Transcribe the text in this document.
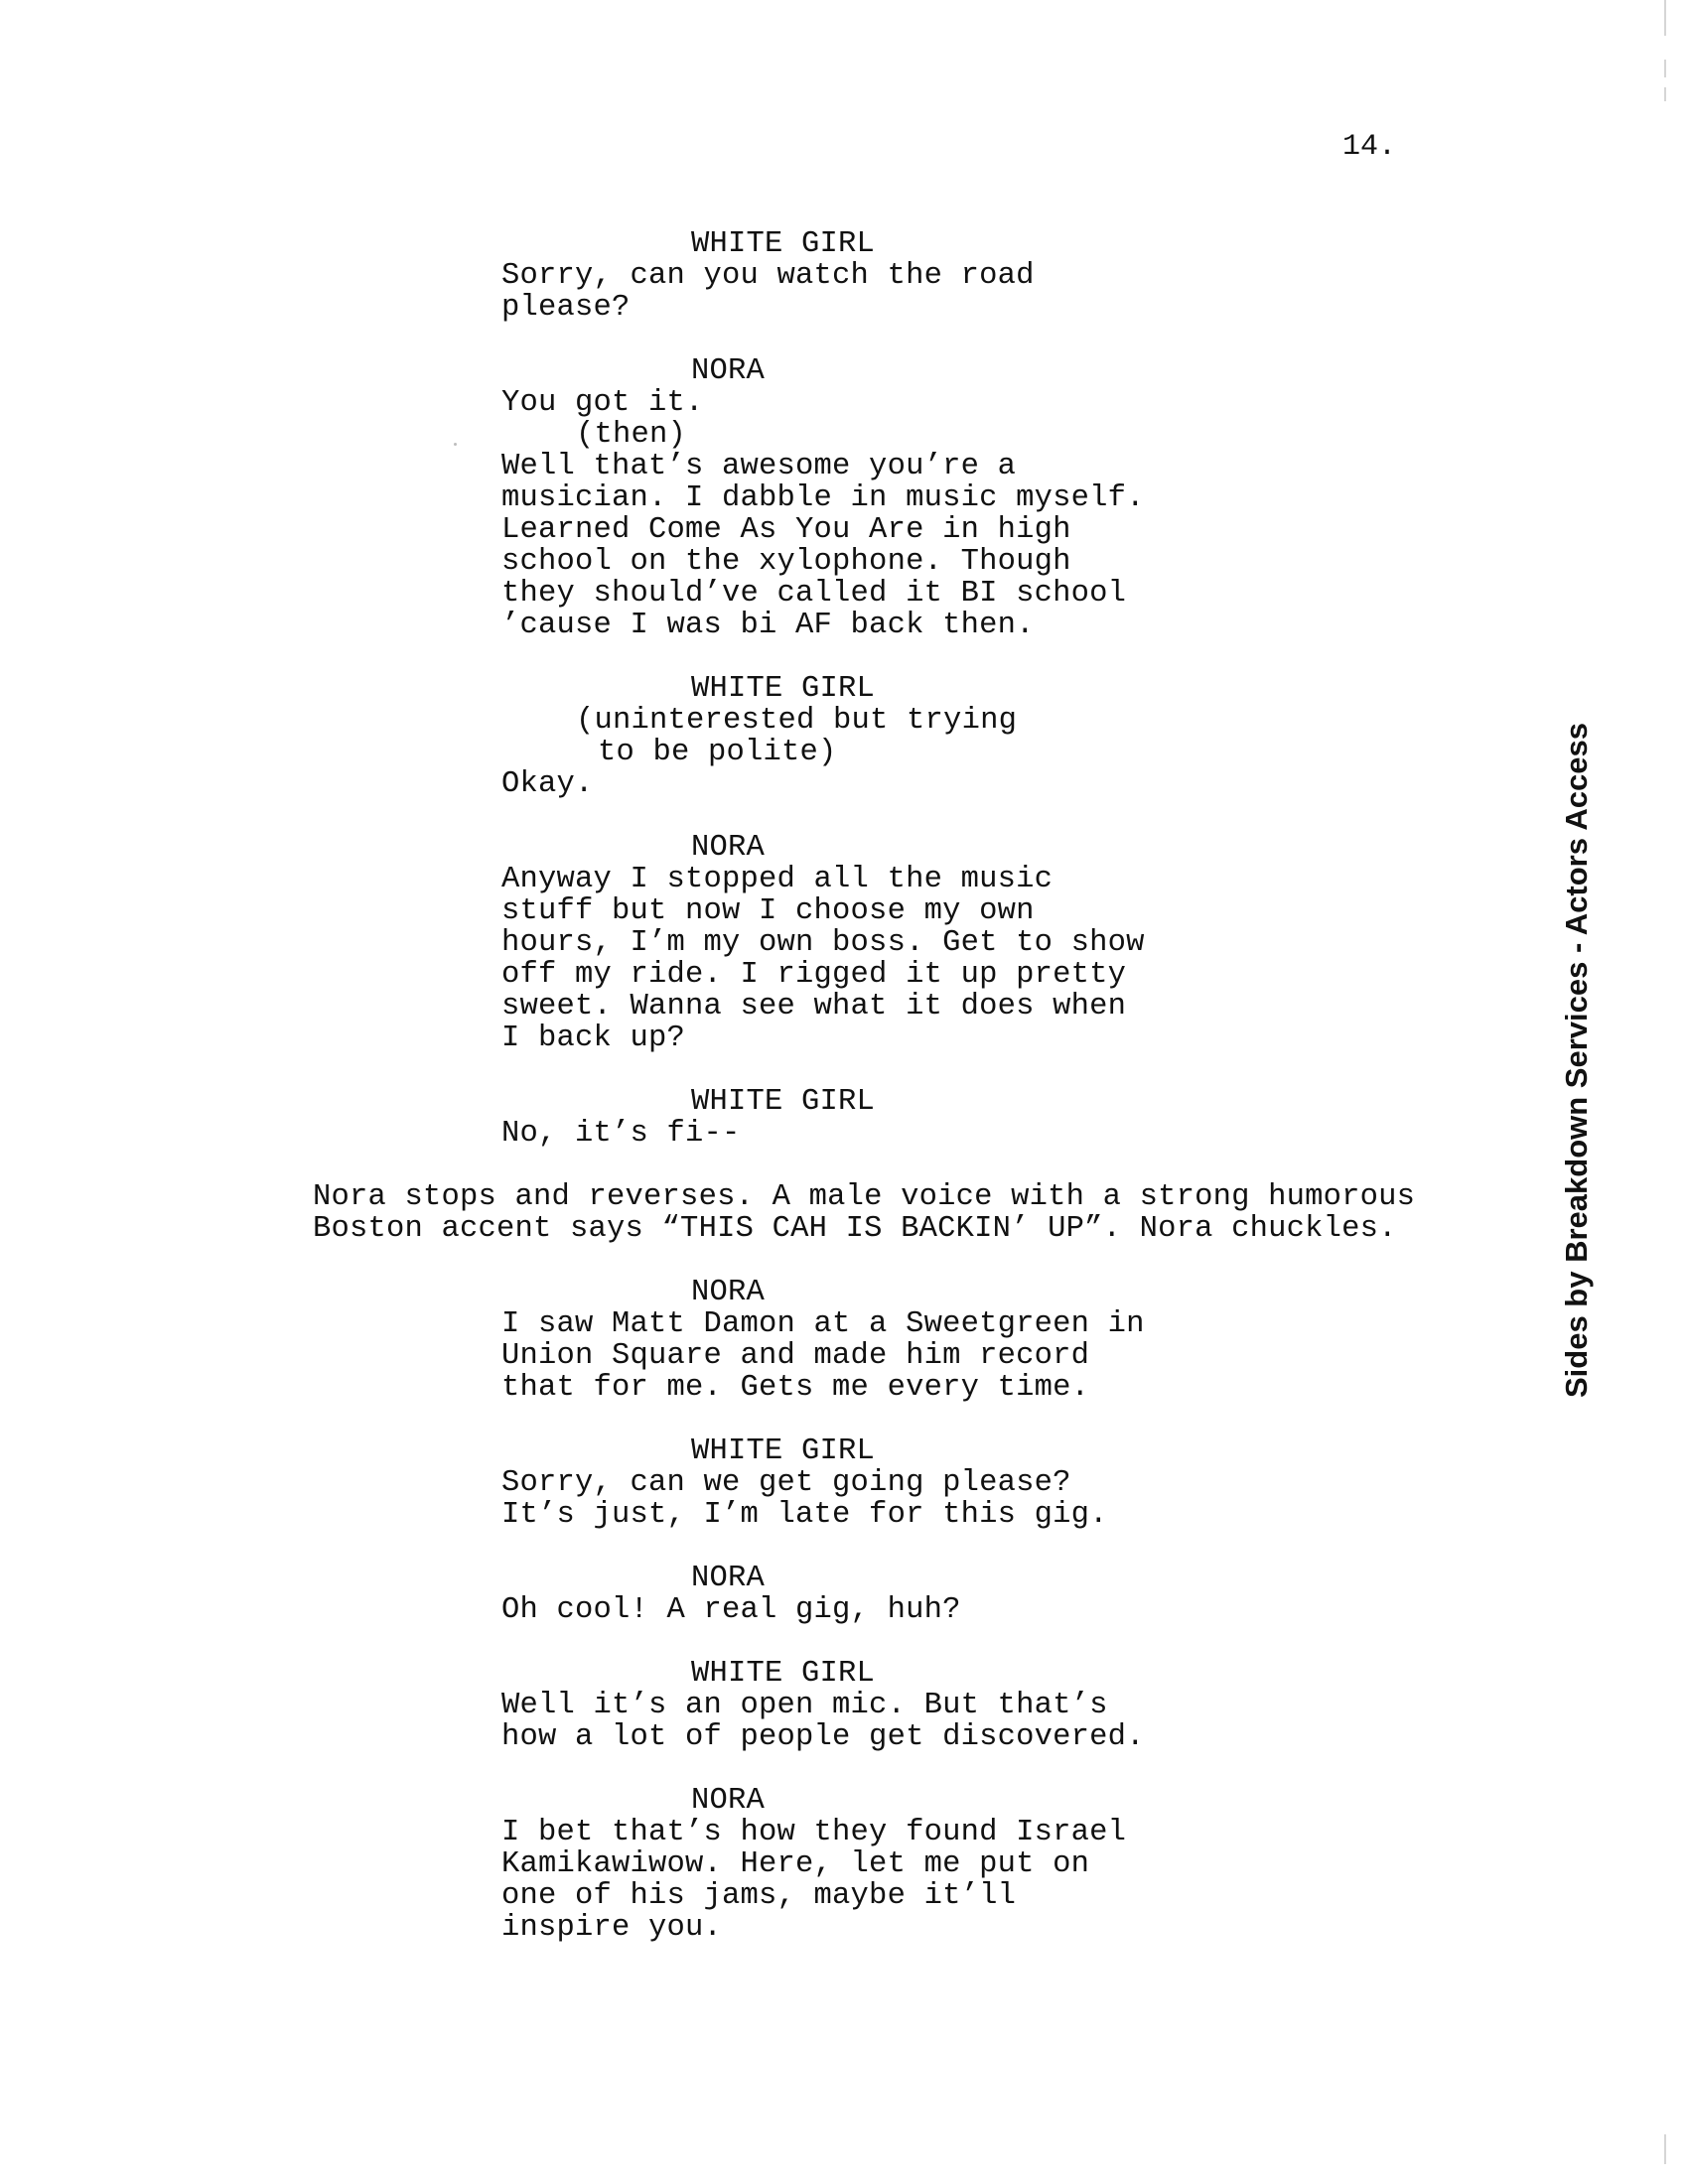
14.
WHITE GIRL
Sorry, can you watch the road
please?
NORA
You got it.
(then)
Well that’s awesome you’re a
musician. I dabble in music myself.
Learned Come As You Are in high
school on the xylophone. Though
they should’ve called it BI school
’cause I was bi AF back then.
WHITE GIRL
(uninterested but trying
to be polite)
Okay.
NORA
Anyway I stopped all the music
stuff but now I choose my own
hours, I’m my own boss. Get to show
off my ride. I rigged it up pretty
sweet. Wanna see what it does when
I back up?
WHITE GIRL
No, it’s fi--
Nora stops and reverses. A male voice with a strong humorous
Boston accent says “THIS CAH IS BACKIN’ UP”. Nora chuckles.
NORA
I saw Matt Damon at a Sweetgreen in
Union Square and made him record
that for me. Gets me every time.
WHITE GIRL
Sorry, can we get going please?
It’s just, I’m late for this gig.
NORA
Oh cool! A real gig, huh?
WHITE GIRL
Well it’s an open mic. But that’s
how a lot of people get discovered.
NORA
I bet that’s how they found Israel
Kamikawiwow. Here, let me put on
one of his jams, maybe it’ll
inspire you.
Sides by Breakdown Services - Actors Access
